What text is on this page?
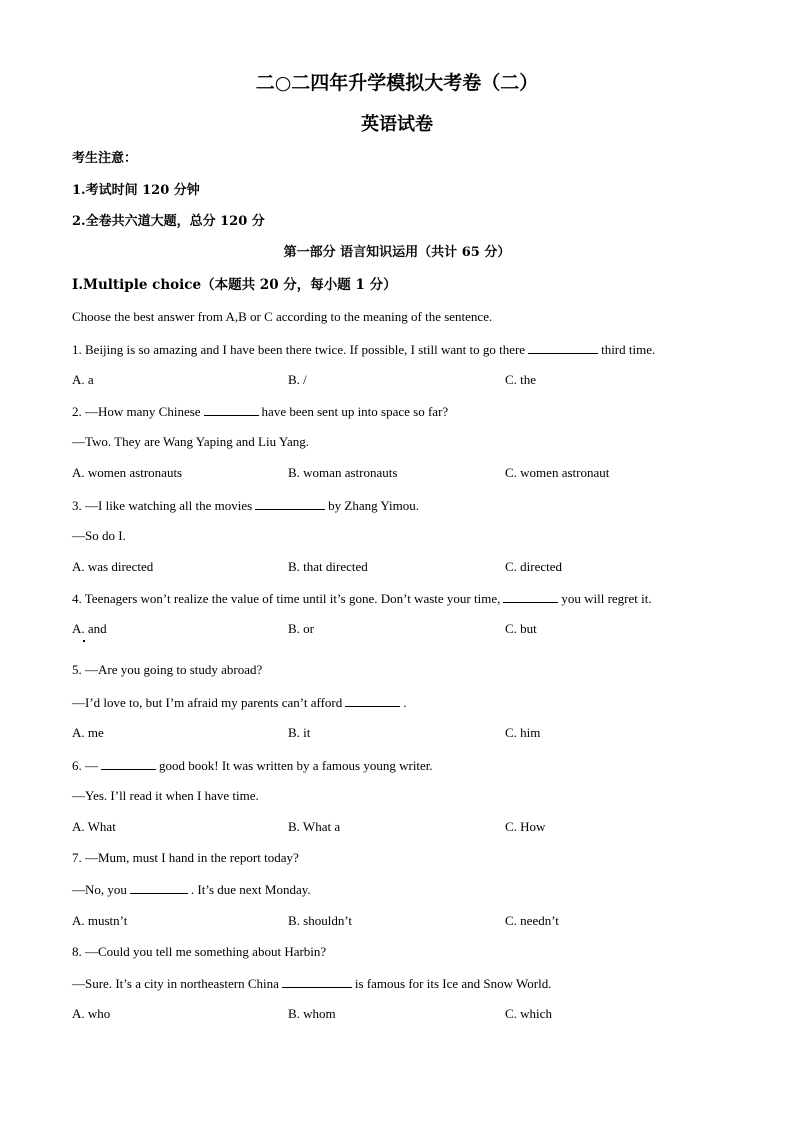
二○二四年升学模拟大考卷（二）
英语试卷
考生注意：
1.考试时间 120 分钟
2.全卷共六道大题，总分 120 分
第一部分 语言知识运用（共计 65 分）
Ⅰ.Multiple choice（本题共 20 分，每小题 1 分）
Choose the best answer from A,B or C according to the meaning of the sentence.
1. Beijing is so amazing and I have been there twice. If possible, I still want to go there	third time.
A. a	B. /	C. the
2. —How many Chinese	have been sent up into space so far?
—Two. They are Wang Yaping and Liu Yang.
A. women astronauts	B. woman astronauts	C. women astronaut
3. —I like watching all the movies	by Zhang Yimou.
—So do I.
A. was directed	B. that directed	C. directed
4. Teenagers won’t realize the value of time until it’s gone. Don’t waste your time,	you will regret it.
A. and	B. or	C. but
5. —Are you going to study abroad?
—I’d love to, but I’m afraid my parents can’t afford	.
A. me	B. it	C. him
6. —	good book! It was written by a famous young writer.
—Yes. I’ll read it when I have time.
A. What	B. What a	C. How
7. —Mum, must I hand in the report today?
—No, you	. It’s due next Monday.
A. mustn’t	B. shouldn’t	C. needn’t
8. —Could you tell me something about Harbin?
—Sure. It’s a city in northeastern China	is famous for its Ice and Snow World.
A. who	B. whom	C. which
